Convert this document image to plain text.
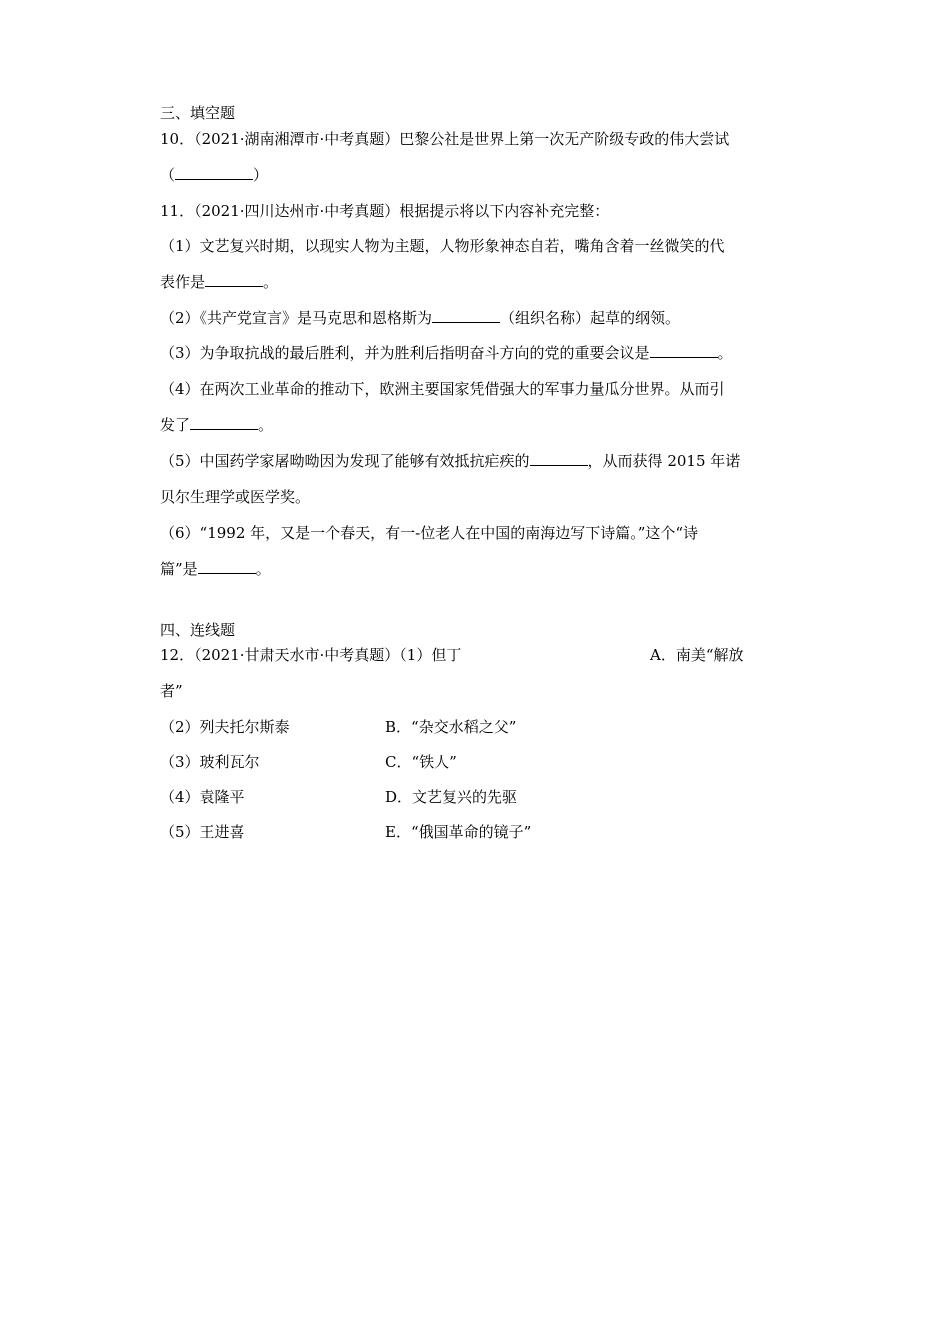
三、填空题
10．（2021·湖南湘潭市·中考真题）巴黎公社是世界上第一次无产阶级专政的伟大尝试
（	）
11．（2021·四川达州市·中考真题）根据提示将以下内容补充完整：
（1）文艺复兴时期，以现实人物为主题，人物形象神态自若，嘴角含着一丝微笑的代
表作是	。
（2）《共产党宣言》是马克思和恩格斯为	（组织名称）起草的纲领。
（3）为争取抗战的最后胜利，并为胜利后指明奋斗方向的党的重要会议是	。
（4）在两次工业革命的推动下，欧洲主要国家凭借强大的军事力量瓜分世界。从而引
发了	。
（5）中国药学家屠呦呦因为发现了能够有效抵抗疟疾的	，从而获得 2015 年诺
贝尔生理学或医学奖。
（6）“1992 年，又是一个春天，有一-位老人在中国的南海边写下诗篇。”这个“诗
篇”是	。
四、连线题
12．（2021·甘肃天水市·中考真题）（1）但丁	A．南美“解放
者”
（2）列夫托尔斯泰	B．“杂交水稻之父”
（3）玻利瓦尔	C．“铁人”
（4）袁隆平	D．文艺复兴的先驱
（5）王进喜	E．“俄国革命的镜子”
